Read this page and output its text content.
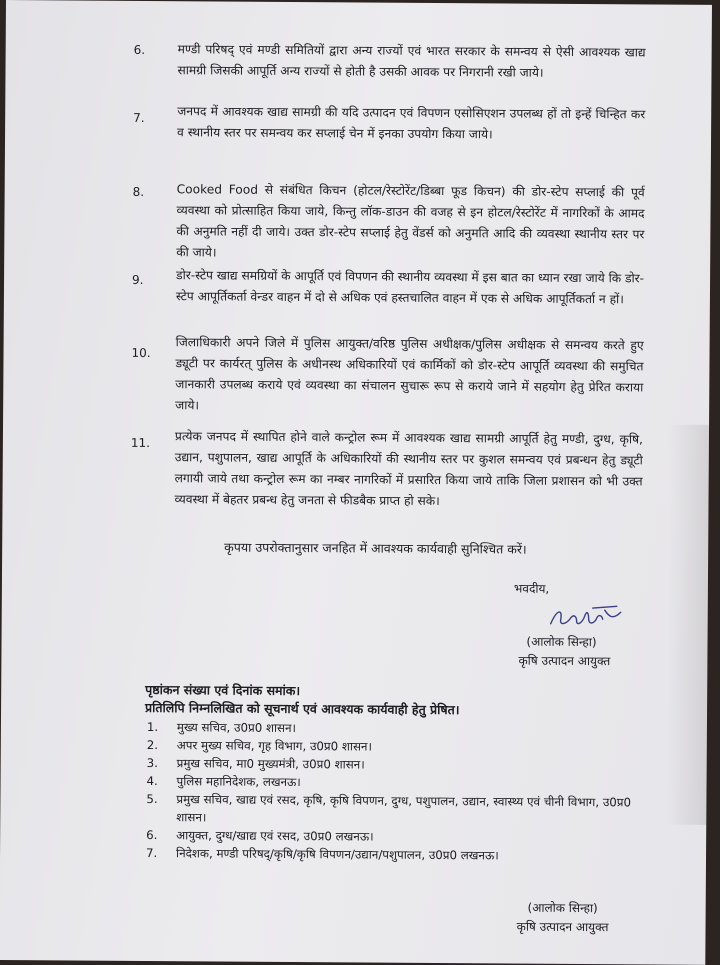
6.	मण्डी परिषद् एवं मण्डी समितियों द्वारा अन्य राज्यों एवं भारत सरकार के समन्वय से ऐसी आवश्यक खाद्य सामग्री जिसकी आपूर्ति अन्य राज्यों से होती है उसकी आवक पर निगरानी रखी जाये।
7.	जनपद में आवश्यक खाद्य सामग्री की यदि उत्पादन एवं विपणन एसोसिएशन उपलब्ध हों तो इन्हें चिन्हित कर व स्थानीय स्तर पर समन्वय कर सप्लाई चेन में इनका उपयोग किया जाये।
8.	Cooked Food से संबंधित किचन (होटल/रेस्टोरेंट/डिब्बा फूड किचन) की डोर-स्टेप सप्लाई की पूर्व व्यवस्था को प्रोत्साहित किया जाये, किन्तु लॉक-डाउन की वजह से इन होटल/रेस्टोरेंट में नागरिकों के आमद की अनुमति नहीं दी जाये। उक्त डोर-स्टेप सप्लाई हेतु वेंडर्स को अनुमति आदि की व्यवस्था स्थानीय स्तर पर की जाये।
9.	डोर-स्टेप खाद्य समग्रियों के आपूर्ति एवं विपणन की स्थानीय व्यवस्था में इस बात का ध्यान रखा जाये कि डोर-स्टेप आपूर्तिकर्ता वेन्डर वाहन में दो से अधिक एवं हस्तचालित वाहन में एक से अधिक आपूर्तिकर्ता न हों।
10.
जिलाधिकारी अपने जिले में पुलिस आयुक्त/वरिष्ठ पुलिस अधीक्षक/पुलिस अधीक्षक से समन्वय करते हुए ड्यूटी पर कार्यरत् पुलिस के अधीनस्थ अधिकारियों एवं कार्मिकों को डोर-स्टेप आपूर्ति व्यवस्था की समुचित जानकारी उपलब्ध कराये एवं व्यवस्था का संचालन सुचारू रूप से कराये जाने में सहयोग हेतु प्रेरित कराया जाये।
11. प्रत्येक जनपद में स्थापित होने वाले कन्ट्रोल रूम में आवश्यक खाद्य सामग्री आपूर्ति हेतु मण्डी, दुग्ध, कृषि, उद्यान, पशुपालन, खाद्य आपूर्ति के अधिकारियों की स्थानीय स्तर पर कुशल समन्वय एवं प्रबन्धन हेतु ड्यूटी लगायी जाये तथा कन्ट्रोल रूम का नम्बर नागरिकों में प्रसारित किया जाये ताकि जिला प्रशासन को भी उक्त व्यवस्था में बेहतर प्रबन्ध हेतु जनता से फीडबैक प्राप्त हो सके।
कृपया उपरोक्तानुसार जनहित में आवश्यक कार्यवाही सुनिश्चित करें।
भवदीय,
(आलोक सिन्हा)
कृषि उत्पादन आयुक्त
पृष्ठांकन संख्या एवं दिनांक समांक।
प्रतिलिपि निम्नलिखित को सूचनार्थ एवं आवश्यक कार्यवाही हेतु प्रेषित।
1. मुख्य सचिव, उ0प्र0 शासन।
2. अपर मुख्य सचिव, गृह विभाग, उ0प्र0 शासन।
3. प्रमुख सचिव, मा0 मुख्यमंत्री, उ0प्र0 शासन।
4. पुलिस महानिदेशक, लखनऊ।
5. प्रमुख सचिव, खाद्य एवं रसद, कृषि, कृषि विपणन, दुग्ध, पशुपालन, उद्यान, स्वास्थ्य एवं चीनी विभाग, उ0प्र0 शासन।
6. आयुक्त, दुग्ध/खाद्य एवं रसद, उ0प्र0 लखनऊ।
7. निदेशक, मण्डी परिषद्/कृषि/कृषि विपणन/उद्यान/पशुपालन, उ0प्र0 लखनऊ।
(आलोक सिन्हा)
कृषि उत्पादन आयुक्त
